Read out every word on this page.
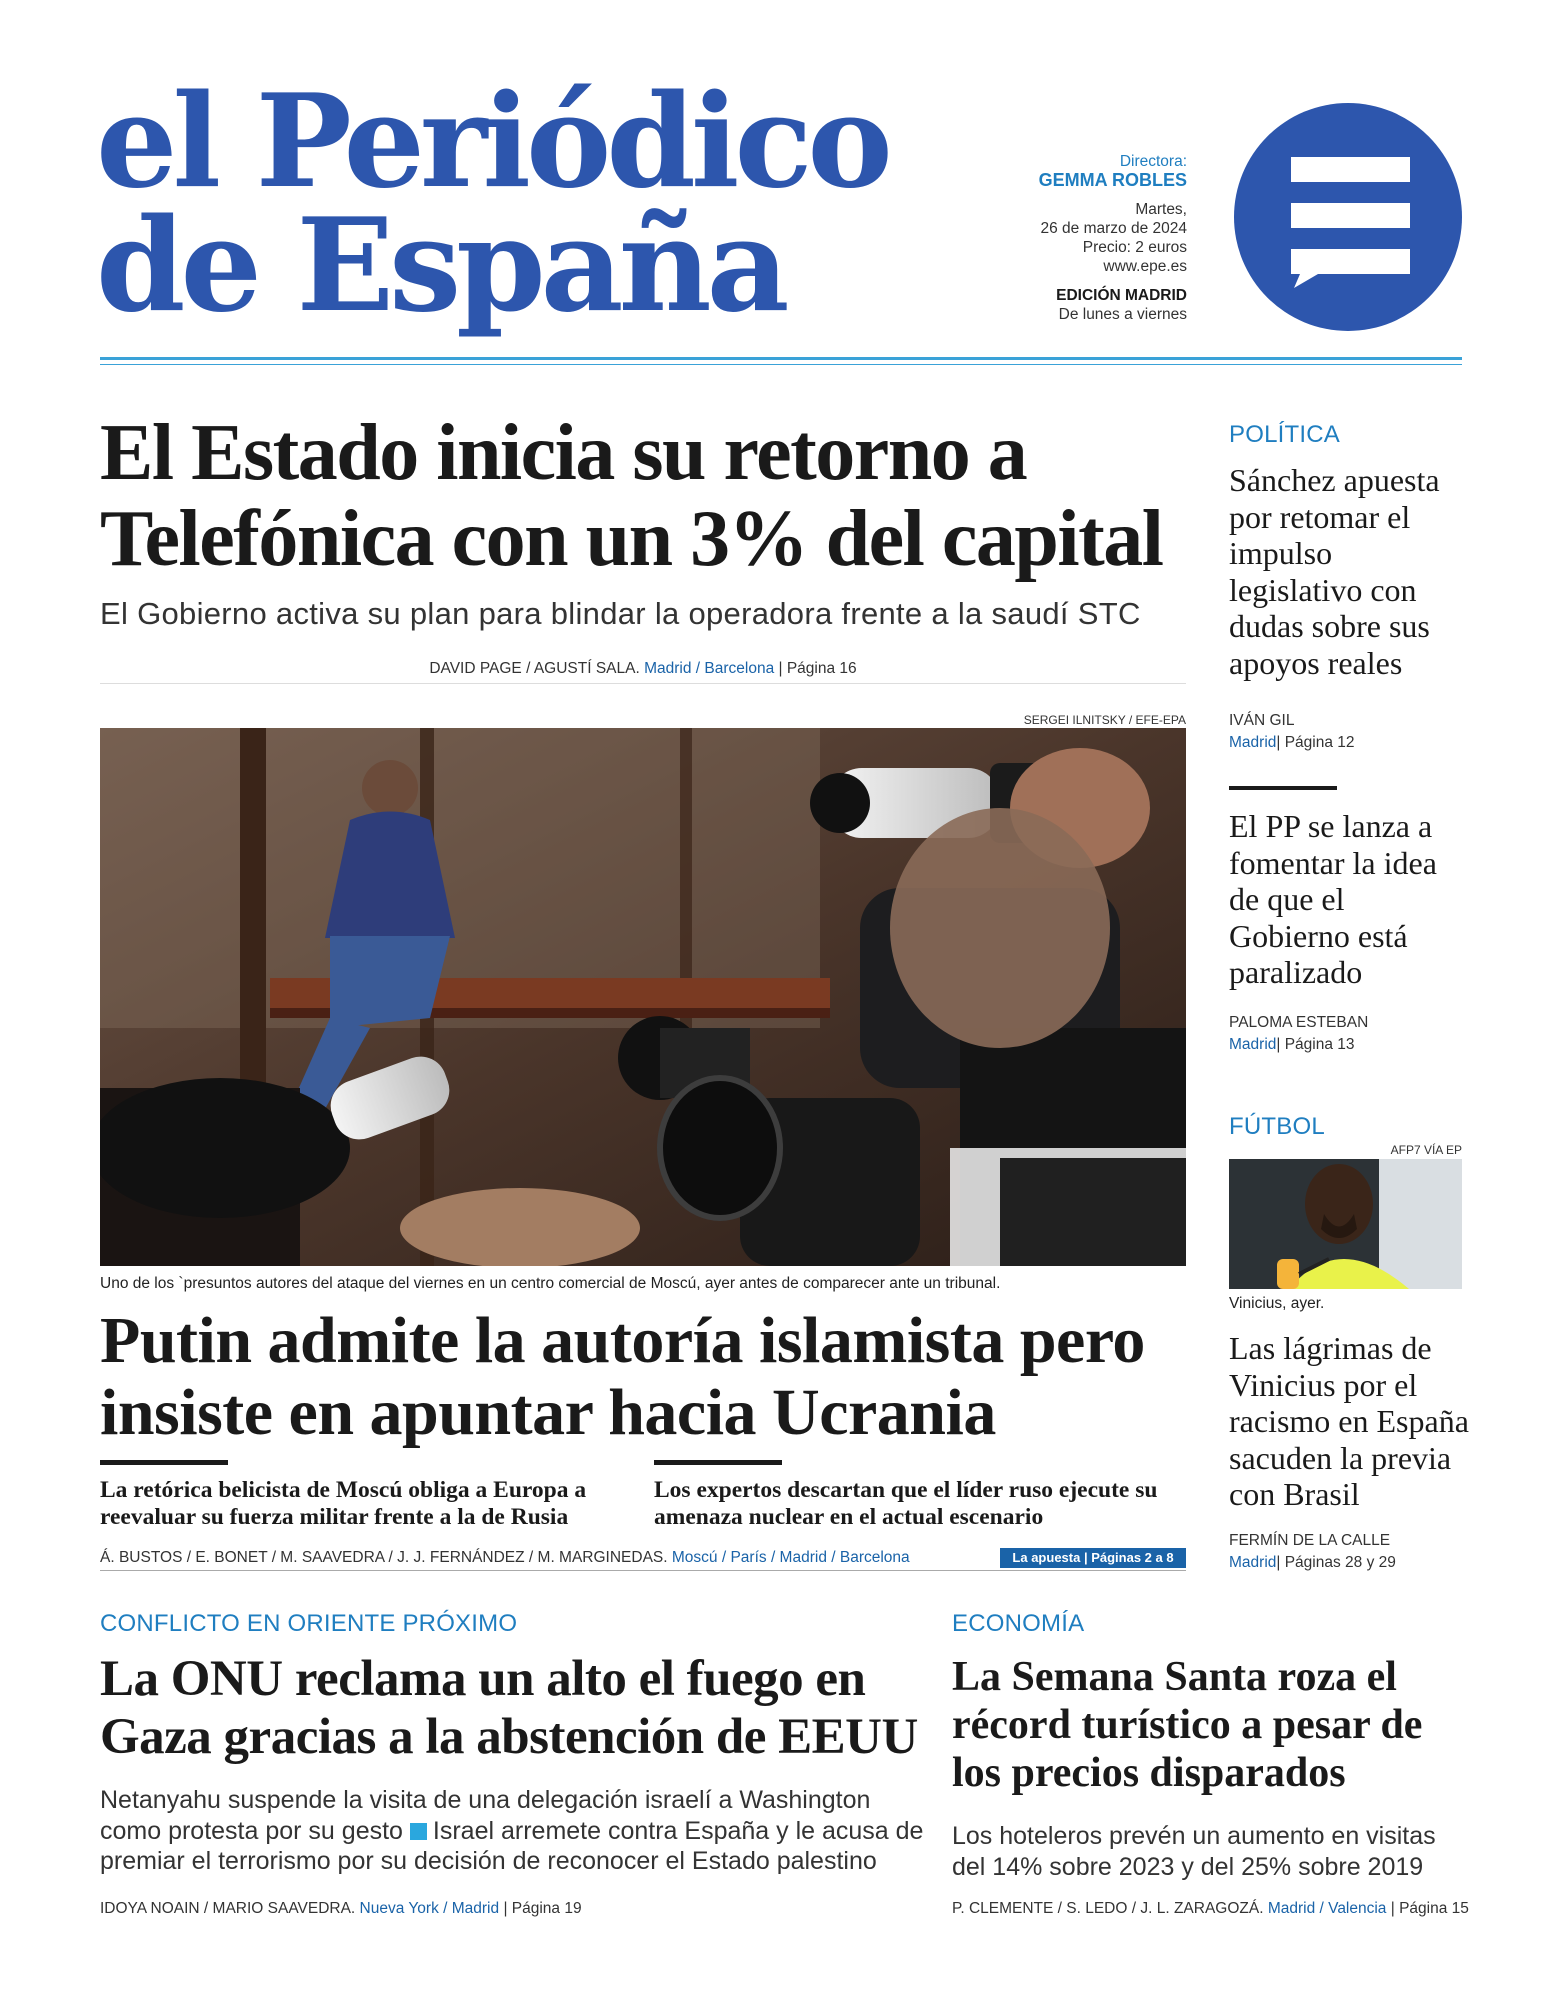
el Periódico
de España
Directora:
GEMMA ROBLES
Martes,
26 de marzo de 2024
Precio: 2 euros
www.epe.es
EDICIÓN MADRID
De lunes a viernes
El Estado inicia su retorno a
Telefónica con un 3% del capital
El Gobierno activa su plan para blindar la operadora frente a la saudí STC
DAVID PAGE / AGUSTÍ SALA. Madrid / Barcelona | Página 16
SERGEI ILNITSKY / EFE-EPA
Uno de los `presuntos autores del ataque del viernes en un centro comercial de Moscú, ayer antes de comparecer ante un tribunal.
Putin admite la autoría islamista pero
insiste en apuntar hacia Ucrania
La retórica belicista de Moscú obliga a Europa a reevaluar su fuerza militar frente a la de Rusia
Los expertos descartan que el líder ruso ejecute su amenaza nuclear en el actual escenario
Á. BUSTOS / E. BONET / M. SAAVEDRA / J. J. FERNÁNDEZ / M. MARGINEDAS. Moscú / París / Madrid / Barcelona	La apuesta | Páginas 2 a 8
POLÍTICA
Sánchez apuesta por retomar el impulso legislativo con dudas sobre sus apoyos reales
IVÁN GIL
Madrid| Página 12
El PP se lanza a fomentar la idea de que el Gobierno está paralizado
PALOMA ESTEBAN
Madrid| Página 13
FÚTBOL
AFP7 VÍA EP
Vinicius, ayer.
Las lágrimas de Vinicius por el racismo en España sacuden la previa con Brasil
FERMÍN DE LA CALLE
Madrid| Páginas 28 y 29
CONFLICTO EN ORIENTE PRÓXIMO
La ONU reclama un alto el fuego en
Gaza gracias a la abstención de EEUU
Netanyahu suspende la visita de una delegación israelí a Washington como protesta por su gesto Israel arremete contra España y le acusa de premiar el terrorismo por su decisión de reconocer el Estado palestino
IDOYA NOAIN / MARIO SAAVEDRA. Nueva York / Madrid | Página 19
ECONOMÍA
La Semana Santa roza el récord turístico a pesar de los precios disparados
Los hoteleros prevén un aumento en visitas del 14% sobre 2023 y del 25% sobre 2019
P. CLEMENTE / S. LEDO / J. L. ZARAGOZÁ. Madrid / Valencia | Página 15
